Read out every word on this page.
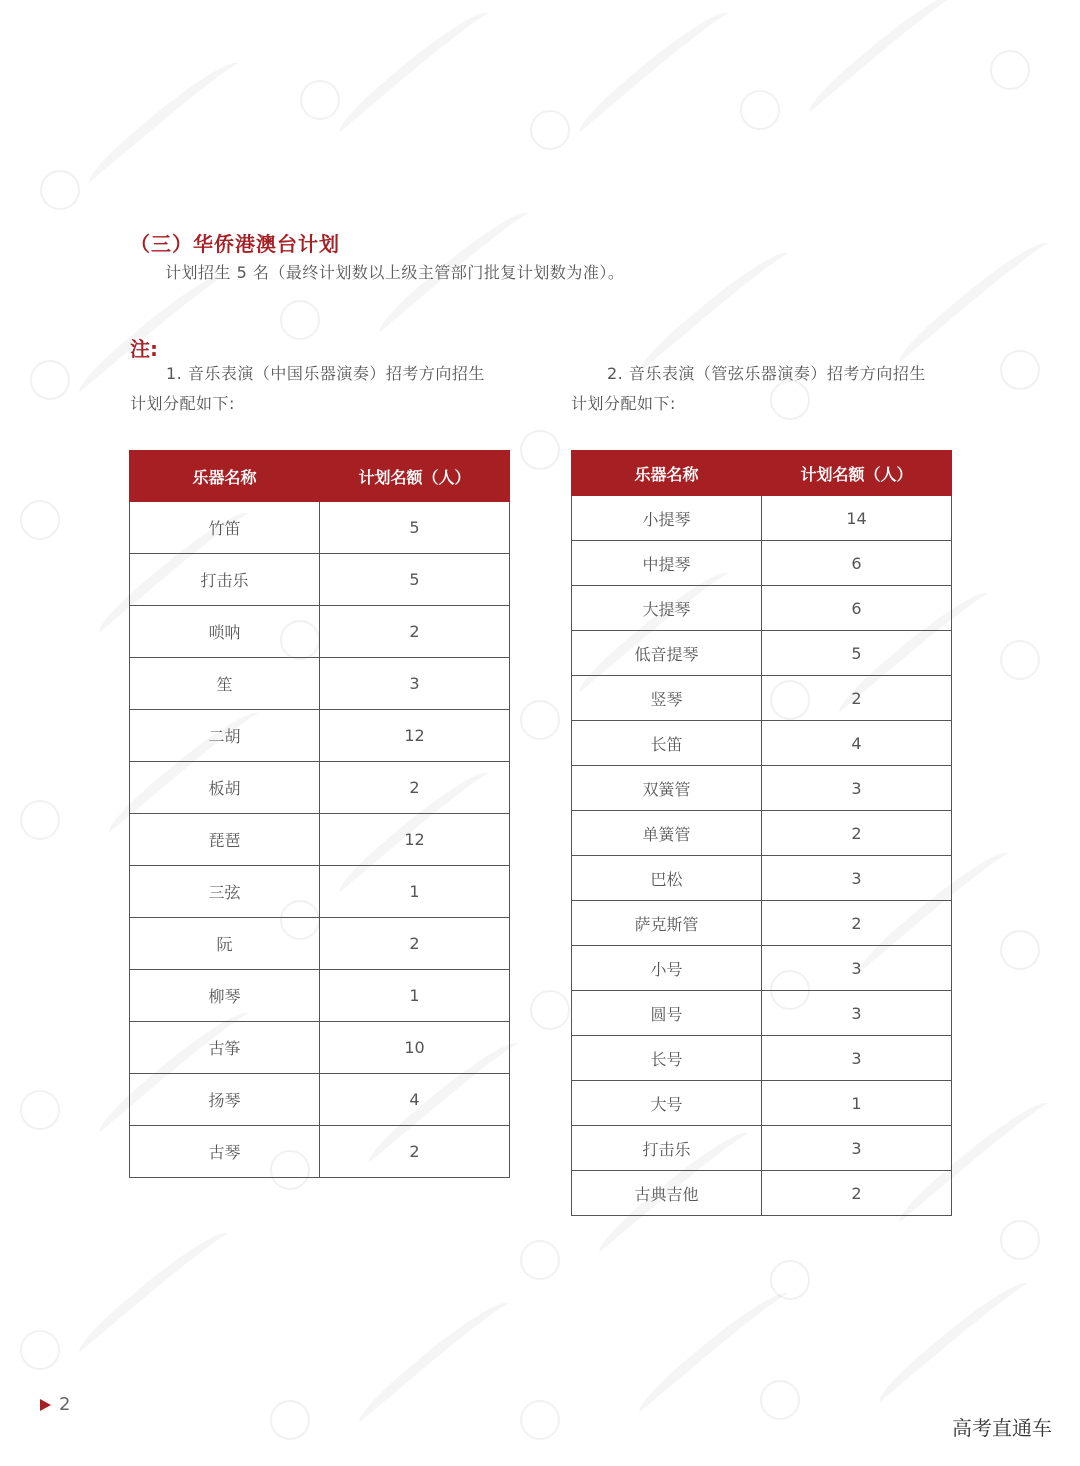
（三）华侨港澳台计划
计划招生 5 名（最终计划数以上级主管部门批复计划数为准）。
注:
1. 音乐表演（中国乐器演奏）招考方向招生
计划分配如下:
2. 音乐表演（管弦乐器演奏）招考方向招生
计划分配如下:
乐器名称	计划名额（人）
竹笛	5
打击乐	5
唢呐	2
笙	3
二胡	12
板胡	2
琵琶	12
三弦	1
阮	2
柳琴	1
古筝	10
扬琴	4
古琴	2
乐器名称	计划名额（人）
小提琴	14
中提琴	6
大提琴	6
低音提琴	5
竖琴	2
长笛	4
双簧管	3
单簧管	2
巴松	3
萨克斯管	2
小号	3
圆号	3
长号	3
大号	1
打击乐	3
古典吉他	2
2
高考直通车
